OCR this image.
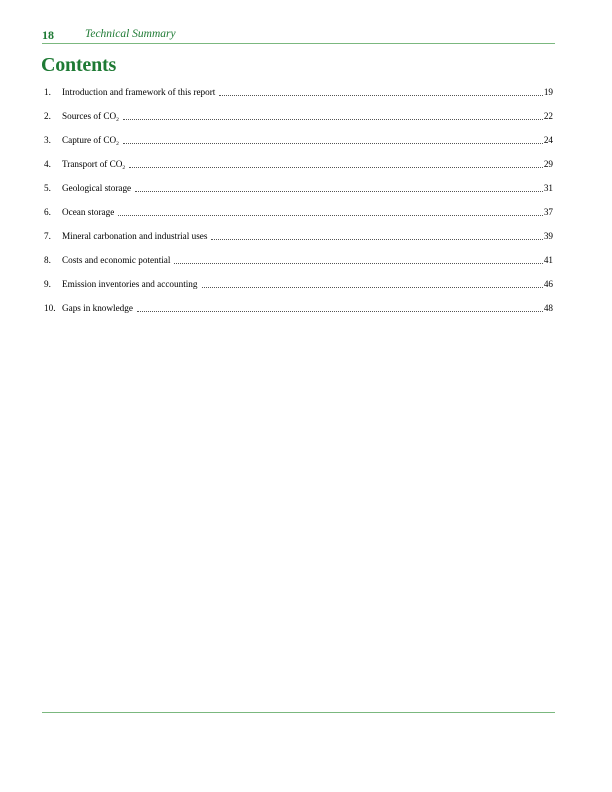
18	Technical Summary
Contents
1.	Introduction and framework of this report	19
2.	Sources of $CO_2$	22
3.	Capture of $CO_2$	24
4.	Transport of $CO_2$	29
5.	Geological storage	31
6.	Ocean storage	37
7.	Mineral carbonation and industrial uses	39
8.	Costs and economic potential	41
9.	Emission inventories and accounting	46
10. Gaps in knowledge	48
